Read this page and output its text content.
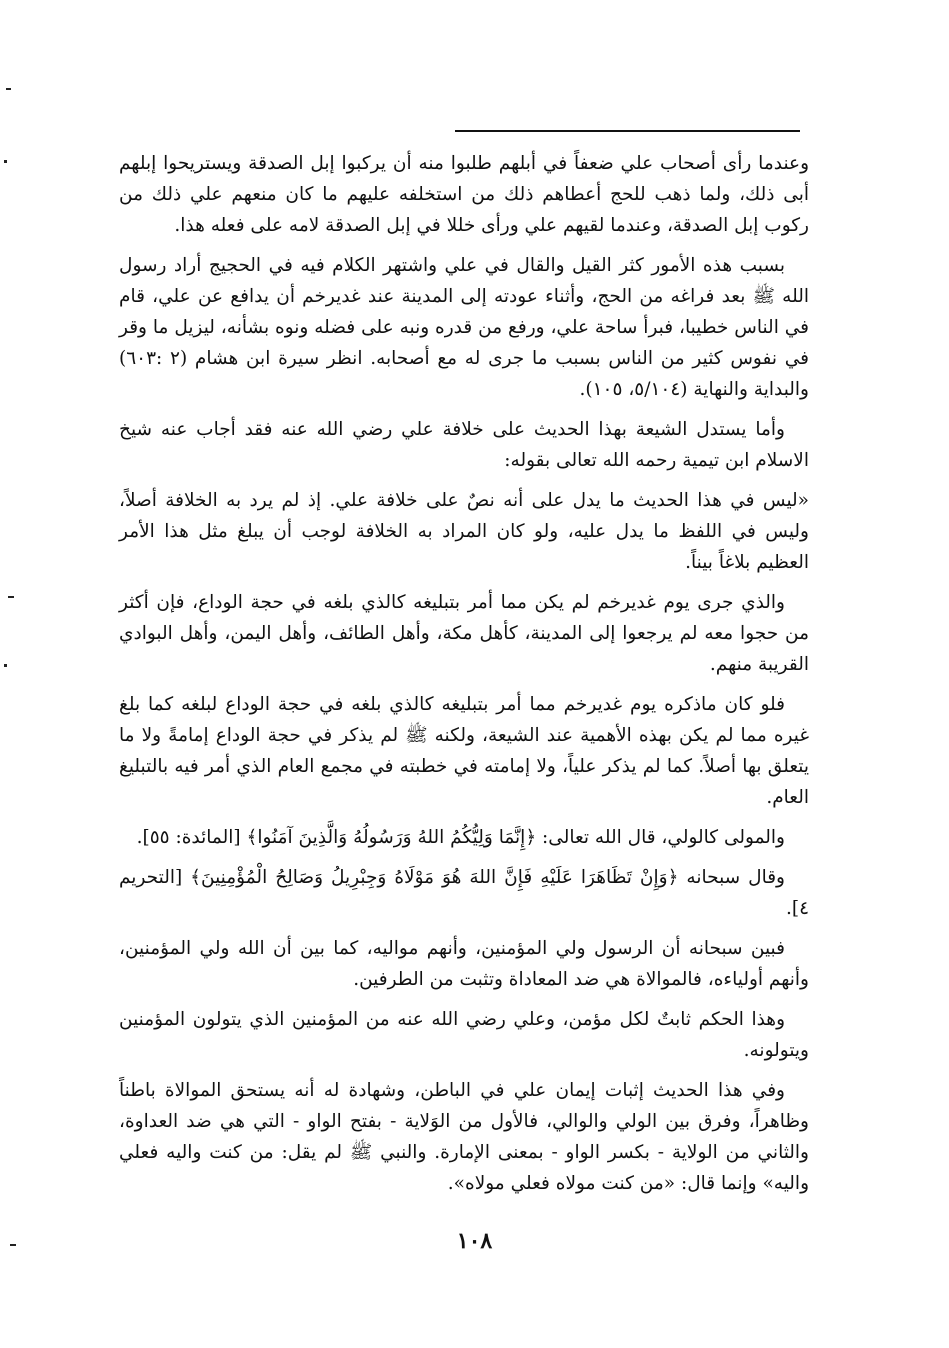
وعندما رأى أصحاب علي ضعفاً في أبلهم طلبوا منه أن يركبوا إبل الصدقة ويستريحوا إبلهم أبى ذلك، ولما ذهب للحج أعطاهم ذلك من استخلفه عليهم ما كان منعهم علي ذلك من ركوب إبل الصدقة، وعندما لقيهم علي ورأى خللا في إبل الصدقة لامه على فعله هذا.

بسبب هذه الأمور كثر القيل والقال في علي واشتهر الكلام فيه في الحجيج أراد رسول الله ﷺ بعد فراغه من الحج، وأثناء عودته إلى المدينة عند غديرخم أن يدافع عن علي، قام في الناس خطيبا، فبرأ ساحة علي، ورفع من قدره ونبه على فضله ونوه بشأنه، ليزيل ما وقر في نفوس كثير من الناس بسبب ما جرى له مع أصحابه. انظر سيرة ابن هشام (٢ :٦٠٣) والبداية والنهاية (٥/١٠٤، ١٠٥).

وأما يستدل الشيعة بهذا الحديث على خلافة علي رضي الله عنه فقد أجاب عنه شيخ الاسلام ابن تيمية رحمه الله تعالى بقوله:

«ليس في هذا الحديث ما يدل على أنه نصٌ على خلافة علي. إذ لم يرد به الخلافة أصلاً، وليس في اللفظ ما يدل عليه، ولو كان المراد به الخلافة لوجب أن يبلغ مثل هذا الأمر العظيم بلاغاً بيناً.

والذي جرى يوم غديرخم لم يكن مما أمر بتبليغه كالذي بلغه في حجة الوداع، فإن أكثر من حجوا معه لم يرجعوا إلى المدينة، كأهل مكة، وأهل الطائف، وأهل اليمن، وأهل البوادي القريبة منهم.

فلو كان ماذكره يوم غديرخم مما أمر بتبليغه كالذي بلغه في حجة الوداع لبلغه كما بلغ غيره مما لم يكن بهذه الأهمية عند الشيعة، ولكنه ﷺ لم يذكر في حجة الوداع إمامةً ولا ما يتعلق بها أصلاً. كما لم يذكر علياً، ولا إمامته في خطبته في مجمع العام الذي أمر فيه بالتبليغ العام.

والمولى كالولي، قال الله تعالى: ﴿إِنَّمَا وَلِيُّكُمُ اللهُ وَرَسُولُهُ وَالَّذِينَ آمَنُوا﴾ [المائدة: ٥٥].

وقال سبحانه ﴿وَإِنْ تَظَاهَرَا عَلَيْهِ فَإِنَّ اللهَ هُوَ مَوْلَاهُ وَجِبْرِيلُ وَصَالِحُ الْمُؤْمِنِينَ﴾ [التحريم ٤].

فبين سبحانه أن الرسول ولي المؤمنين، وأنهم مواليه، كما بين أن الله ولي المؤمنين، وأنهم أولياءه، فالموالاة هي ضد المعاداة وتثبت من الطرفين.

وهذا الحكم ثابتٌ لكل مؤمن، وعلي رضي الله عنه من المؤمنين الذي يتولون المؤمنين ويتولونه.

وفي هذا الحديث إثبات إيمان علي في الباطن، وشهادة له أنه يستحق الموالاة باطناً وظاهراً، وفرق بين الولي والوالي، فالأول من الوَلاية - بفتح الواو - التي هي ضد العداوة، والثاني من الولاية - بكسر الواو - بمعنى الإمارة. والنبي ﷺ لم يقل: من كنت واليه فعلي واليه» وإنما قال: «من كنت مولاه فعلي مولاه».

١٠٨
